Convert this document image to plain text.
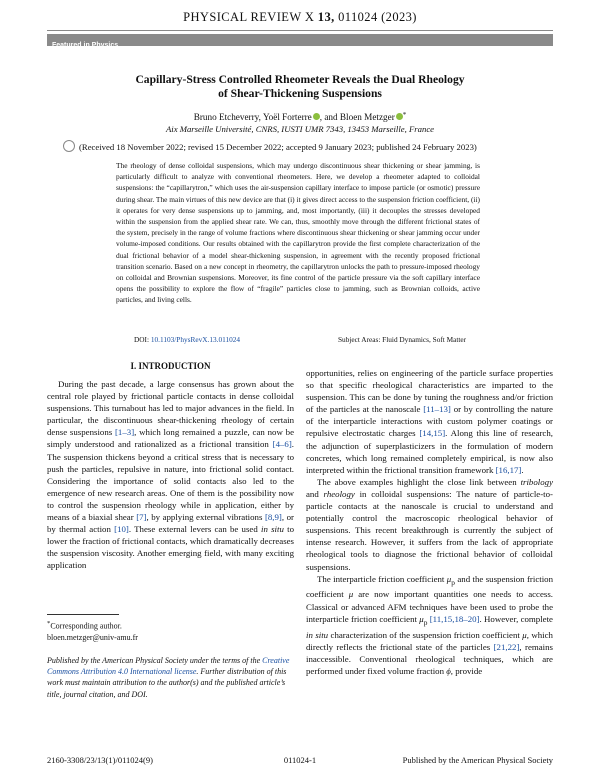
PHYSICAL REVIEW X 13, 011024 (2023)
Featured in Physics
Capillary-Stress Controlled Rheometer Reveals the Dual Rheology
of Shear-Thickening Suspensions
Bruno Etcheverry, Yoël Forterre , and Bloen Metzger *
Aix Marseille Université, CNRS, IUSTI UMR 7343, 13453 Marseille, France
(Received 18 November 2022; revised 15 December 2022; accepted 9 January 2023; published 24 February 2023)
The rheology of dense colloidal suspensions, which may undergo discontinuous shear thickening or shear jamming, is particularly difficult to analyze with conventional rheometers. Here, we develop a rheometer adapted to colloidal suspensions: the “capillarytron,” which uses the air-suspension capillary interface to impose particle (or osmotic) pressure during shear. The main virtues of this new device are that (i) it gives direct access to the suspension friction coefficient, (ii) it operates for very dense suspensions up to jamming, and, most importantly, (iii) it decouples the stresses developed within the suspension from the applied shear rate. We can, thus, smoothly move through the different frictional states of the system, precisely in the range of volume fractions where discontinuous shear thickening or shear jamming occur under volume-imposed conditions. Our results obtained with the capillarytron provide the first complete characterization of the dual frictional behavior of a model shear-thickening suspension, in agreement with the recently proposed frictional transition scenario. Based on a new concept in rheometry, the capillarytron unlocks the path to pressure-imposed rheology on colloidal and Brownian suspensions. Moreover, its fine control of the particle pressure via the soft capillary interface opens the possibility to explore the flow of “fragile” particles close to jamming, such as Brownian colloids, active particles, and living cells.
DOI: 10.1103/PhysRevX.13.011024	Subject Areas: Fluid Dynamics, Soft Matter
I. INTRODUCTION

During the past decade, a large consensus has grown about the central role played by frictional particle contacts in dense colloidal suspensions. This turnabout has led to major advances in the field. In particular, the discontinuous shear-thickening rheology of certain dense suspensions [1–3], which long remained a puzzle, can now be simply understood and rationalized as a frictional transition [4–6]. The suspension thickens beyond a critical stress that is necessary to push the particles, repulsive in nature, into frictional solid contact. Considering the importance of solid contacts also led to the emergence of new research areas. One of them is the possibility now to control the suspension rheology while in application, either by means of a biaxial shear [7], by applying external vibrations [8,9], or by thermal action [10]. These external levers can be used in situ to lower the fraction of frictional contacts, which dramatically decreases the suspension viscosity. Another emerging field, with many exciting application

*Corresponding author.
bloen.metzger@univ-amu.fr
Published by the American Physical Society under the terms of the Creative Commons Attribution 4.0 International license. Further distribution of this work must maintain attribution to the author(s) and the published article’s title, journal citation, and DOI.

opportunities, relies on engineering of the particle surface properties so that specific rheological characteristics are imparted to the suspension. This can be done by tuning the roughness and/or friction of the particles at the nanoscale [11–13] or by controlling the nature of the interparticle interactions with custom polymer coatings or repulsive electrostatic charges [14,15]. Along this line of research, the adjunction of superplasticizers in the formulation of modern concretes, which long remained completely empirical, is now also interpreted within the frictional transition framework [16,17].

The above examples highlight the close link between tribology and rheology in colloidal suspensions: The nature of particle-to-particle contacts at the nanoscale is crucial to understand and potentially control the macroscopic rheological behavior of suspensions. This recent breakthrough is currently the subject of intense research. However, it suffers from the lack of appropriate rheological tools to diagnose the frictional behavior of colloidal suspensions.

The interparticle friction coefficient $\mu_p$ and the suspension friction coefficient μ are now important quantities one needs to access. Classical or advanced AFM techniques have been used to probe the interparticle friction coefficient $\mu_p$ [11,15,18–20]. However, complete in situ characterization of the suspension friction coefficient μ, which directly reflects the frictional state of the particles [21,22], remains inaccessible. Conventional rheological techniques, which are performed under fixed volume fraction ϕ, provide

2160-3308/23/13(1)/011024(9)	011024-1	Published by the American Physical Society
